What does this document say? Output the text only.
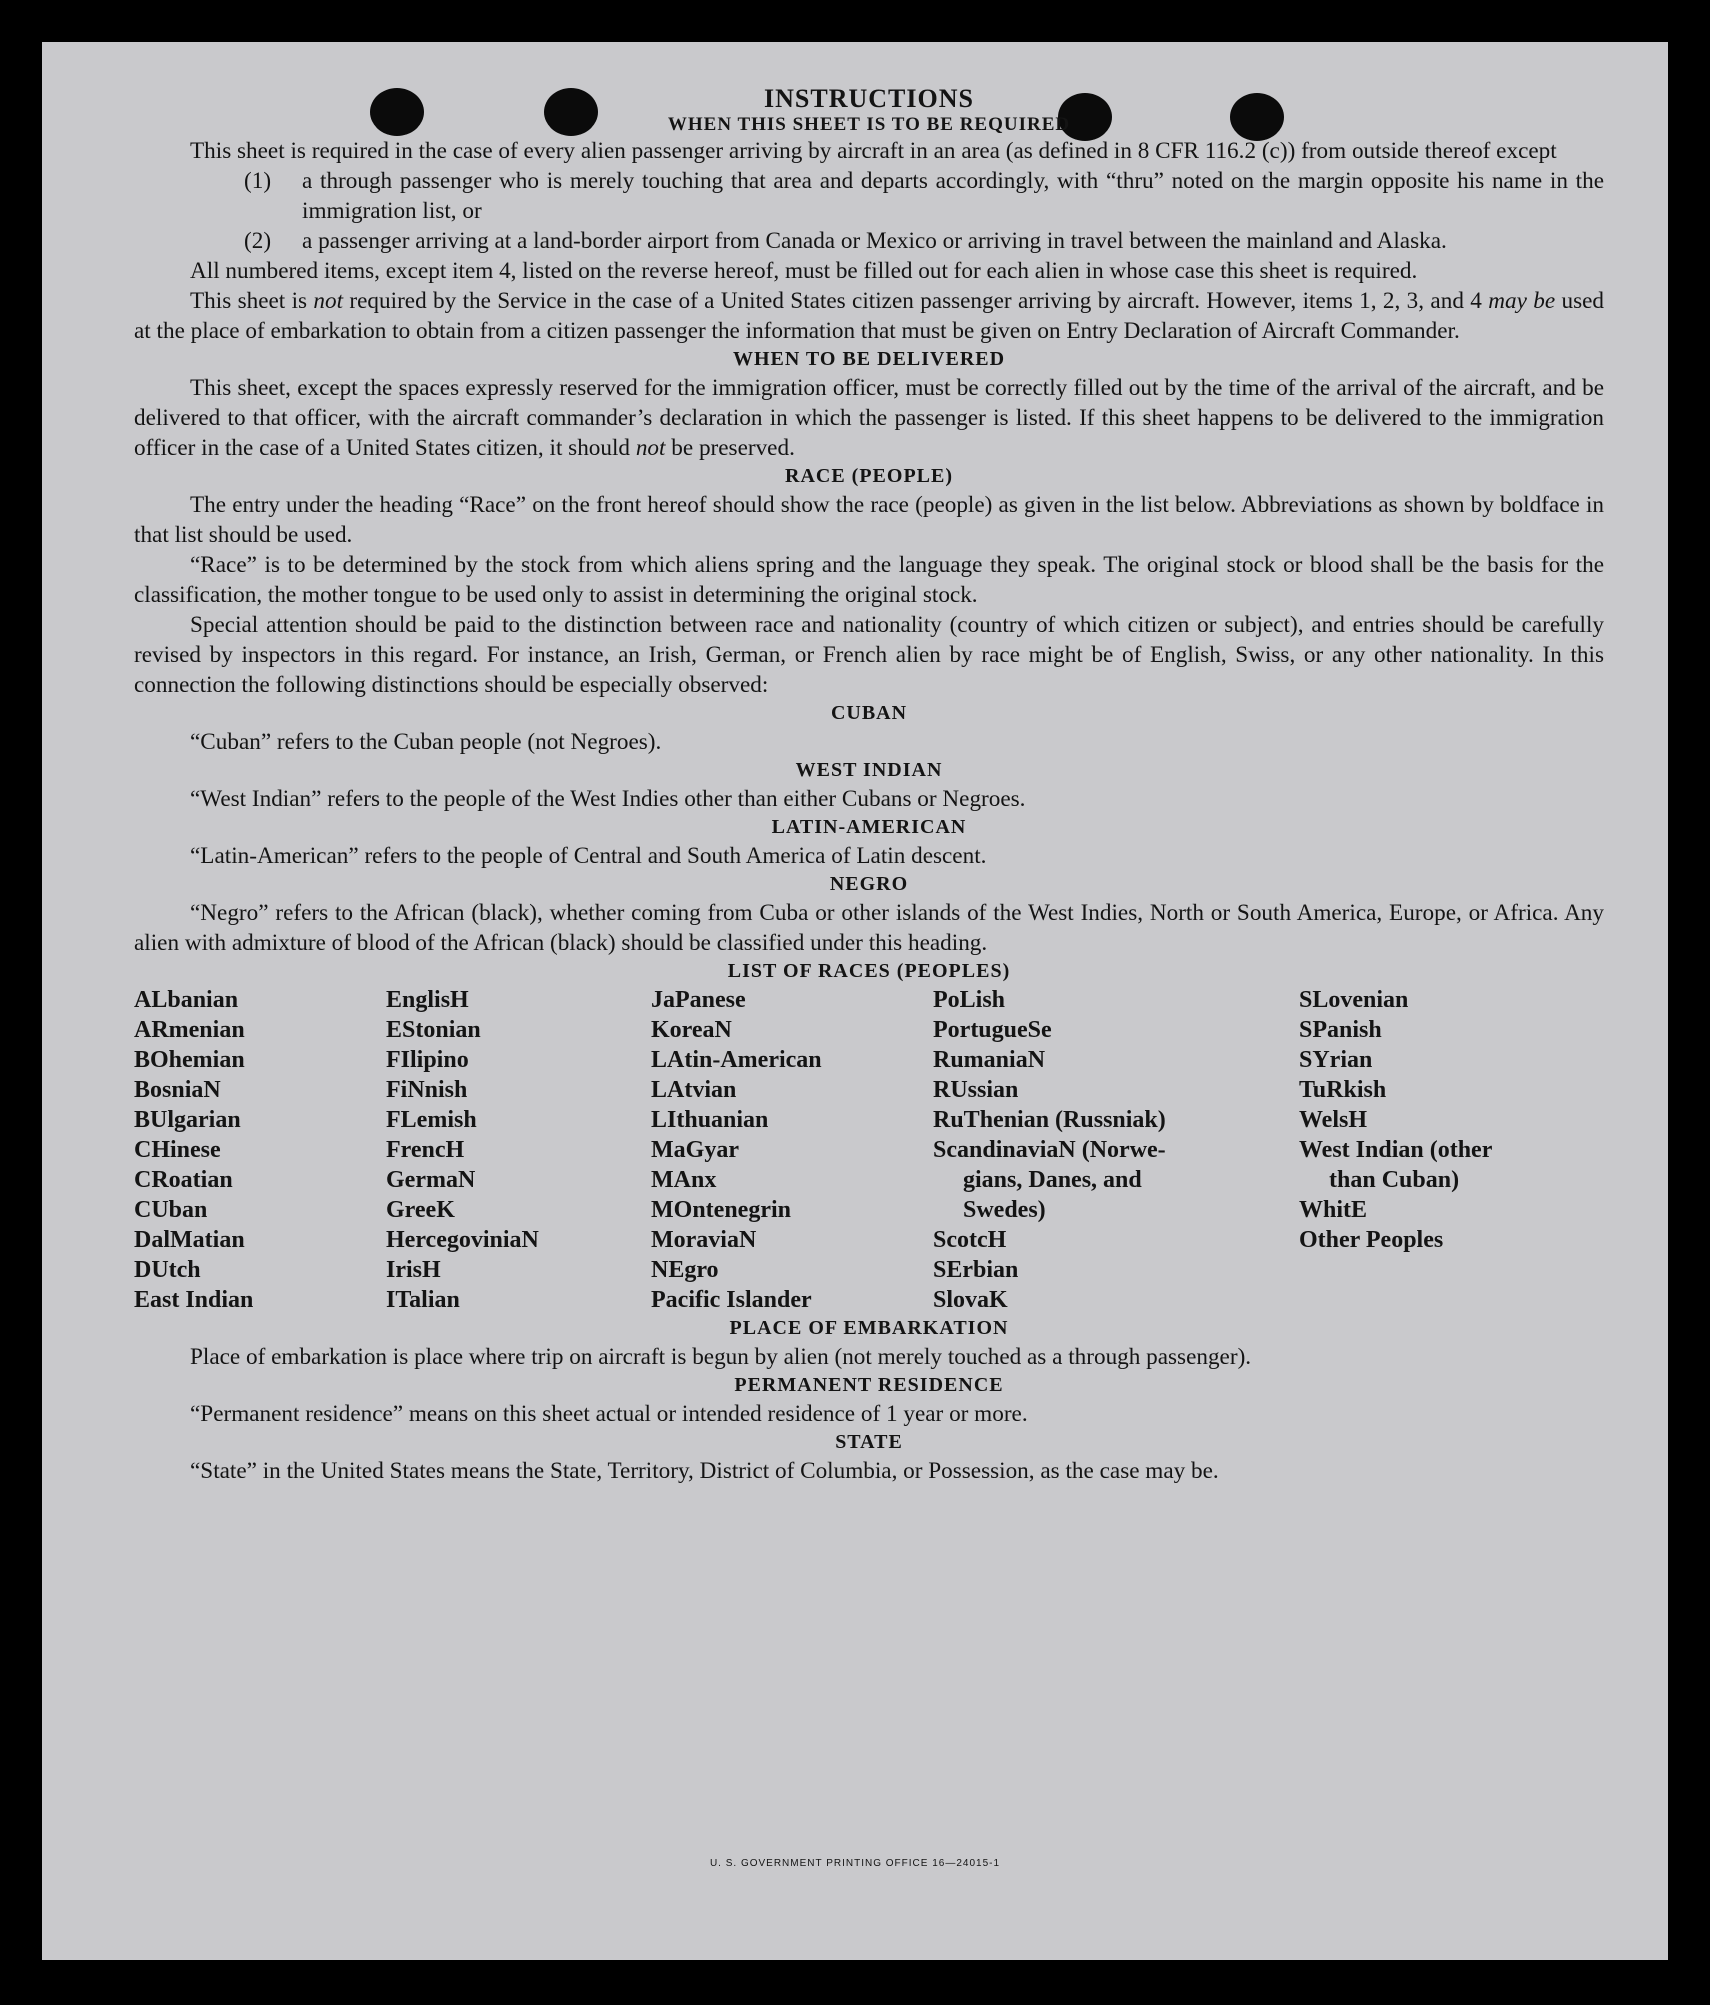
INSTRUCTIONS

WHEN THIS SHEET IS TO BE REQUIRED

This sheet is required in the case of every alien passenger arriving by aircraft in an area (as defined in 8 CFR 116.2 (c)) from outside thereof except

(1)	a through passenger who is merely touching that area and departs accordingly, with “thru” noted on the margin opposite his name in the immigration list, or
(2)	a passenger arriving at a land-border airport from Canada or Mexico or arriving in travel between the mainland and Alaska.

All numbered items, except item 4, listed on the reverse hereof, must be filled out for each alien in whose case this sheet is required.

This sheet is not required by the Service in the case of a United States citizen passenger arriving by aircraft. However, items 1, 2, 3, and 4 may be used at the place of embarkation to obtain from a citizen passenger the information that must be given on Entry Declaration of Aircraft Commander.

WHEN TO BE DELIVERED

This sheet, except the spaces expressly reserved for the immigration officer, must be correctly filled out by the time of the arrival of the aircraft, and be delivered to that officer, with the aircraft commander’s declaration in which the passenger is listed. If this sheet happens to be delivered to the immigration officer in the case of a United States citizen, it should not be preserved.

RACE (PEOPLE)

The entry under the heading “Race” on the front hereof should show the race (people) as given in the list below. Abbreviations as shown by boldface in that list should be used.

“Race” is to be determined by the stock from which aliens spring and the language they speak. The original stock or blood shall be the basis for the classification, the mother tongue to be used only to assist in determining the original stock.

Special attention should be paid to the distinction between race and nationality (country of which citizen or subject), and entries should be carefully revised by inspectors in this regard. For instance, an Irish, German, or French alien by race might be of English, Swiss, or any other nationality. In this connection the following distinctions should be especially observed:

CUBAN

“Cuban” refers to the Cuban people (not Negroes).

WEST INDIAN

“West Indian” refers to the people of the West Indies other than either Cubans or Negroes.

LATIN-AMERICAN

“Latin-American” refers to the people of Central and South America of Latin descent.

NEGRO

“Negro” refers to the African (black), whether coming from Cuba or other islands of the West Indies, North or South America, Europe, or Africa. Any alien with admixture of blood of the African (black) should be classified under this heading.

LIST OF RACES (PEOPLES)

ALbanian
ARmenian
BOhemian
BosniaN
BUlgarian
CHinese
CRoatian
CUban
DalMatian
DUtch
East Indian
EnglisH
EStonian
FIlipino
FiNnish
FLemish
FrencH
GermaN
GreeK
HercegoviniaN
IrisH
ITalian
JaPanese
KoreaN
LAtin-American
LAtvian
LIthuanian
MaGyar
MAnx
MOntenegrin
MoraviaN
NEgro
Pacific Islander
PoLish
PortugueSe
RumaniaN
RUssian
RuThenian (Russniak)
ScandinaviaN (Norwe-
gians, Danes, and
Swedes)
ScotcH
SErbian
SlovaK
SLovenian
SPanish
SYrian
TuRkish
WelsH
West Indian (other
than Cuban)
WhitE
Other Peoples

PLACE OF EMBARKATION

Place of embarkation is place where trip on aircraft is begun by alien (not merely touched as a through passenger).

PERMANENT RESIDENCE

“Permanent residence” means on this sheet actual or intended residence of 1 year or more.

STATE

“State” in the United States means the State, Territory, District of Columbia, or Possession, as the case may be.

U. S. GOVERNMENT PRINTING OFFICE 16—24015-1
